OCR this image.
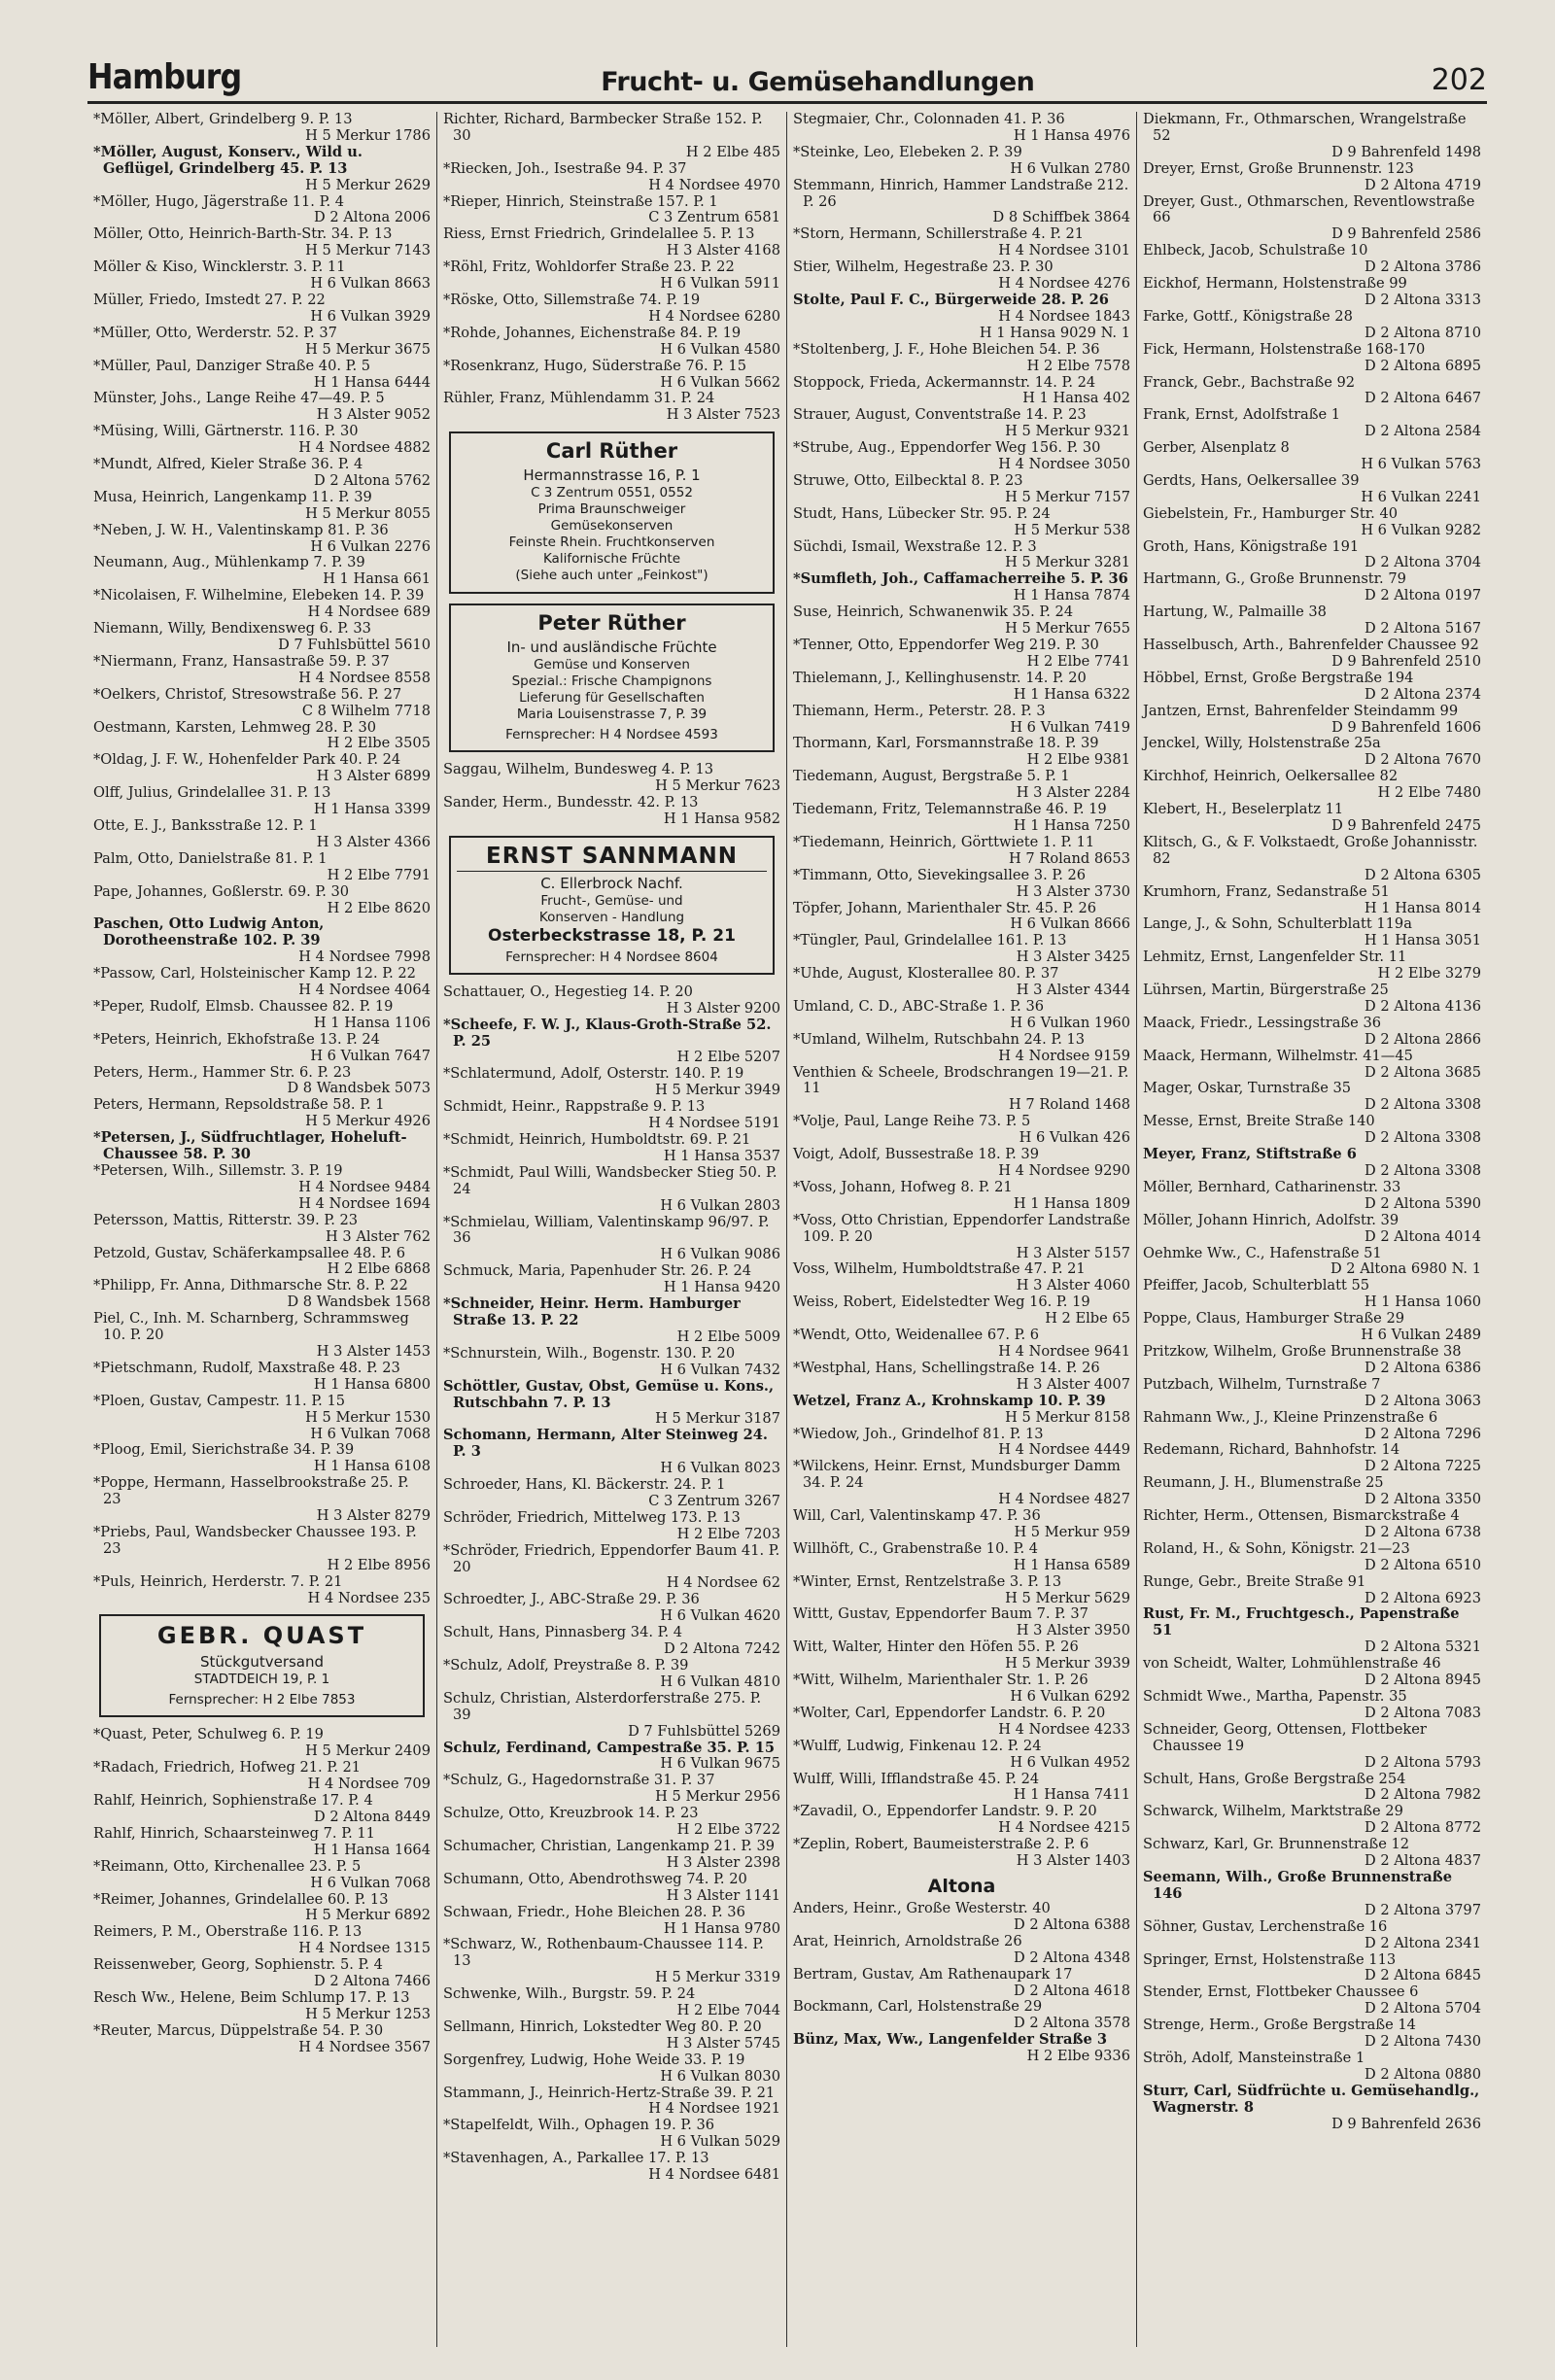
Hamburg	Frucht- u. Gemüsehandlungen	202
*Möller, Albert, Grindelberg 9. P. 13
H 5 Merkur 1786
*Möller, August, Konserv., Wild u. Geflügel, Grindelberg 45. P. 13
H 5 Merkur 2629
*Möller, Hugo, Jägerstraße 11. P. 4
D 2 Altona 2006
Möller, Otto, Heinrich-Barth-Str. 34. P. 13
H 5 Merkur 7143
Möller & Kiso, Wincklerstr. 3. P. 11
H 6 Vulkan 8663
Müller, Friedo, Imstedt 27. P. 22
H 6 Vulkan 3929
*Müller, Otto, Werderstr. 52. P. 37
H 5 Merkur 3675
*Müller, Paul, Danziger Straße 40. P. 5
H 1 Hansa 6444
Münster, Johs., Lange Reihe 47—49. P. 5
H 3 Alster 9052
*Müsing, Willi, Gärtnerstr. 116. P. 30
H 4 Nordsee 4882
*Mundt, Alfred, Kieler Straße 36. P. 4
D 2 Altona 5762
Musa, Heinrich, Langenkamp 11. P. 39
H 5 Merkur 8055
*Neben, J. W. H., Valentinskamp 81. P. 36
H 6 Vulkan 2276
Neumann, Aug., Mühlenkamp 7. P. 39
H 1 Hansa 661
*Nicolaisen, F. Wilhelmine, Elebeken 14. P. 39
H 4 Nordsee 689
Niemann, Willy, Bendixensweg 6. P. 33
D 7 Fuhlsbüttel 5610
*Niermann, Franz, Hansastraße 59. P. 37
H 4 Nordsee 8558
*Oelkers, Christof, Stresowstraße 56. P. 27
C 8 Wilhelm 7718
Oestmann, Karsten, Lehmweg 28. P. 30
H 2 Elbe 3505
*Oldag, J. F. W., Hohenfelder Park 40. P. 24
H 3 Alster 6899
Olff, Julius, Grindelallee 31. P. 13
H 1 Hansa 3399
Otte, E. J., Banksstraße 12. P. 1
H 3 Alster 4366
Palm, Otto, Danielstraße 81. P. 1
H 2 Elbe 7791
Pape, Johannes, Goßlerstr. 69. P. 30
H 2 Elbe 8620
Paschen, Otto Ludwig Anton, Dorotheenstraße 102. P. 39
H 4 Nordsee 7998
*Passow, Carl, Holsteinischer Kamp 12. P. 22
H 4 Nordsee 4064
*Peper, Rudolf, Elmsb. Chaussee 82. P. 19
H 1 Hansa 1106
*Peters, Heinrich, Ekhofstraße 13. P. 24
H 6 Vulkan 7647
Peters, Herm., Hammer Str. 6. P. 23
D 8 Wandsbek 5073
Peters, Hermann, Repsoldstraße 58. P. 1
H 5 Merkur 4926
*Petersen, J., Südfruchtlager, Hoheluft-Chaussee 58. P. 30
*Petersen, Wilh., Sillemstr. 3. P. 19
H 4 Nordsee 9484
H 4 Nordsee 1694
Petersson, Mattis, Ritterstr. 39. P. 23
H 3 Alster 762
Petzold, Gustav, Schäferkampsallee 48. P. 6
H 2 Elbe 6868
*Philipp, Fr. Anna, Dithmarsche Str. 8. P. 22
D 8 Wandsbek 1568
Piel, C., Inh. M. Scharnberg, Schrammsweg 10. P. 20
H 3 Alster 1453
*Pietschmann, Rudolf, Maxstraße 48. P. 23
H 1 Hansa 6800
*Ploen, Gustav, Campestr. 11. P. 15
H 5 Merkur 1530
H 6 Vulkan 7068
*Ploog, Emil, Sierichstraße 34. P. 39
H 1 Hansa 6108
*Poppe, Hermann, Hasselbrookstraße 25. P. 23
H 3 Alster 8279
*Priebs, Paul, Wandsbecker Chaussee 193. P. 23
H 2 Elbe 8956
*Puls, Heinrich, Herderstr. 7. P. 21
H 4 Nordsee 235
GEBR. QUAST
Stückgutversand
STADTDEICH 19, P. 1
Fernsprecher: H 2 Elbe 7853
*Quast, Peter, Schulweg 6. P. 19
H 5 Merkur 2409
*Radach, Friedrich, Hofweg 21. P. 21
H 4 Nordsee 709
Rahlf, Heinrich, Sophienstraße 17. P. 4
D 2 Altona 8449
Rahlf, Hinrich, Schaarsteinweg 7. P. 11
H 1 Hansa 1664
*Reimann, Otto, Kirchenallee 23. P. 5
H 6 Vulkan 7068
*Reimer, Johannes, Grindelallee 60. P. 13
H 5 Merkur 6892
Reimers, P. M., Oberstraße 116. P. 13
H 4 Nordsee 1315
Reissenweber, Georg, Sophienstr. 5. P. 4
D 2 Altona 7466
Resch Ww., Helene, Beim Schlump 17. P. 13
H 5 Merkur 1253
*Reuter, Marcus, Düppelstraße 54. P. 30
H 4 Nordsee 3567
Richter, Richard, Barmbecker Straße 152. P. 30
H 2 Elbe 485
*Riecken, Joh., Isestraße 94. P. 37
H 4 Nordsee 4970
*Rieper, Hinrich, Steinstraße 157. P. 1
C 3 Zentrum 6581
Riess, Ernst Friedrich, Grindelallee 5. P. 13
H 3 Alster 4168
*Röhl, Fritz, Wohldorfer Straße 23. P. 22
H 6 Vulkan 5911
*Röske, Otto, Sillemstraße 74. P. 19
H 4 Nordsee 6280
*Rohde, Johannes, Eichenstraße 84. P. 19
H 6 Vulkan 4580
*Rosenkranz, Hugo, Süderstraße 76. P. 15
H 6 Vulkan 5662
Rühler, Franz, Mühlendamm 31. P. 24
H 3 Alster 7523
Carl Rüther
Hermannstrasse 16, P. 1
C 3 Zentrum 0551, 0552
Prima Braunschweiger
Gemüsekonserven
Feinste Rhein. Fruchtkonserven
Kalifornische Früchte
(Siehe auch unter „Feinkost")
Peter Rüther
In- und ausländische Früchte
Gemüse und Konserven
Spezial.: Frische Champignons
Lieferung für Gesellschaften
Maria Louisenstrasse 7, P. 39
Fernsprecher: H 4 Nordsee 4593
Saggau, Wilhelm, Bundesweg 4. P. 13
H 5 Merkur 7623
Sander, Herm., Bundesstr. 42. P. 13
H 1 Hansa 9582
ERNST SANNMANN
C. Ellerbrock Nachf.
Frucht-, Gemüse- und
Konserven - Handlung
Osterbeckstrasse 18, P. 21
Fernsprecher: H 4 Nordsee 8604
Schattauer, O., Hegestieg 14. P. 20
H 3 Alster 9200
*Scheefe, F. W. J., Klaus-Groth-Straße 52. P. 25
H 2 Elbe 5207
*Schlatermund, Adolf, Osterstr. 140. P. 19
H 5 Merkur 3949
Schmidt, Heinr., Rappstraße 9. P. 13
H 4 Nordsee 5191
*Schmidt, Heinrich, Humboldtstr. 69. P. 21
H 1 Hansa 3537
*Schmidt, Paul Willi, Wandsbecker Stieg 50. P. 24
H 6 Vulkan 2803
*Schmielau, William, Valentinskamp 96/97. P. 36
H 6 Vulkan 9086
Schmuck, Maria, Papenhuder Str. 26. P. 24
H 1 Hansa 9420
*Schneider, Heinr. Herm. Hamburger Straße 13. P. 22
H 2 Elbe 5009
*Schnurstein, Wilh., Bogenstr. 130. P. 20
H 6 Vulkan 7432
Schöttler, Gustav, Obst, Gemüse u. Kons., Rutschbahn 7. P. 13
H 5 Merkur 3187
Schomann, Hermann, Alter Steinweg 24. P. 3
H 6 Vulkan 8023
Schroeder, Hans, Kl. Bäckerstr. 24. P. 1
C 3 Zentrum 3267
Schröder, Friedrich, Mittelweg 173. P. 13
H 2 Elbe 7203
*Schröder, Friedrich, Eppendorfer Baum 41. P. 20
H 4 Nordsee 62
Schroedter, J., ABC-Straße 29. P. 36
H 6 Vulkan 4620
Schult, Hans, Pinnasberg 34. P. 4
D 2 Altona 7242
*Schulz, Adolf, Preystraße 8. P. 39
H 6 Vulkan 4810
Schulz, Christian, Alsterdorferstraße 275. P. 39
D 7 Fuhlsbüttel 5269
Schulz, Ferdinand, Campestraße 35. P. 15
H 6 Vulkan 9675
*Schulz, G., Hagedornstraße 31. P. 37
H 5 Merkur 2956
Schulze, Otto, Kreuzbrook 14. P. 23
H 2 Elbe 3722
Schumacher, Christian, Langenkamp 21. P. 39
H 3 Alster 2398
Schumann, Otto, Abendrothsweg 74. P. 20
H 3 Alster 1141
Schwaan, Friedr., Hohe Bleichen 28. P. 36
H 1 Hansa 9780
*Schwarz, W., Rothenbaum-Chaussee 114. P. 13
H 5 Merkur 3319
Schwenke, Wilh., Burgstr. 59. P. 24
H 2 Elbe 7044
Sellmann, Hinrich, Lokstedter Weg 80. P. 20
H 3 Alster 5745
Sorgenfrey, Ludwig, Hohe Weide 33. P. 19
H 6 Vulkan 8030
Stammann, J., Heinrich-Hertz-Straße 39. P. 21
H 4 Nordsee 1921
*Stapelfeldt, Wilh., Ophagen 19. P. 36
H 6 Vulkan 5029
*Stavenhagen, A., Parkallee 17. P. 13
H 4 Nordsee 6481
Stegmaier, Chr., Colonnaden 41. P. 36
H 1 Hansa 4976
*Steinke, Leo, Elebeken 2. P. 39
H 6 Vulkan 2780
Stemmann, Hinrich, Hammer Landstraße 212. P. 26
D 8 Schiffbek 3864
*Storn, Hermann, Schillerstraße 4. P. 21
H 4 Nordsee 3101
Stier, Wilhelm, Hegestraße 23. P. 30
H 4 Nordsee 4276
Stolte, Paul F. C., Bürgerweide 28. P. 26
H 4 Nordsee 1843
H 1 Hansa 9029 N. 1
*Stoltenberg, J. F., Hohe Bleichen 54. P. 36
H 2 Elbe 7578
Stoppock, Frieda, Ackermannstr. 14. P. 24
H 1 Hansa 402
Strauer, August, Conventstraße 14. P. 23
H 5 Merkur 9321
*Strube, Aug., Eppendorfer Weg 156. P. 30
H 4 Nordsee 3050
Struwe, Otto, Eilbecktal 8. P. 23
H 5 Merkur 7157
Studt, Hans, Lübecker Str. 95. P. 24
H 5 Merkur 538
Süchdi, Ismail, Wexstraße 12. P. 3
H 5 Merkur 3281
*Sumfleth, Joh., Caffamacherreihe 5. P. 36
H 1 Hansa 7874
Suse, Heinrich, Schwanenwik 35. P. 24
H 5 Merkur 7655
*Tenner, Otto, Eppendorfer Weg 219. P. 30
H 2 Elbe 7741
Thielemann, J., Kellinghusenstr. 14. P. 20
H 1 Hansa 6322
Thiemann, Herm., Peterstr. 28. P. 3
H 6 Vulkan 7419
Thormann, Karl, Forsmannstraße 18. P. 39
H 2 Elbe 9381
Tiedemann, August, Bergstraße 5. P. 1
H 3 Alster 2284
Tiedemann, Fritz, Telemannstraße 46. P. 19
H 1 Hansa 7250
*Tiedemann, Heinrich, Görttwiete 1. P. 11
H 7 Roland 8653
*Timmann, Otto, Sievekingsallee 3. P. 26
H 3 Alster 3730
Töpfer, Johann, Marienthaler Str. 45. P. 26
H 6 Vulkan 8666
*Tüngler, Paul, Grindelallee 161. P. 13
H 3 Alster 3425
*Uhde, August, Klosterallee 80. P. 37
H 3 Alster 4344
Umland, C. D., ABC-Straße 1. P. 36
H 6 Vulkan 1960
*Umland, Wilhelm, Rutschbahn 24. P. 13
H 4 Nordsee 9159
Venthien & Scheele, Brodschrangen 19—21. P. 11
H 7 Roland 1468
*Volje, Paul, Lange Reihe 73. P. 5
H 6 Vulkan 426
Voigt, Adolf, Bussestraße 18. P. 39
H 4 Nordsee 9290
*Voss, Johann, Hofweg 8. P. 21
H 1 Hansa 1809
*Voss, Otto Christian, Eppendorfer Landstraße 109. P. 20
H 3 Alster 5157
Voss, Wilhelm, Humboldtstraße 47. P. 21
H 3 Alster 4060
Weiss, Robert, Eidelstedter Weg 16. P. 19
H 2 Elbe 65
*Wendt, Otto, Weidenallee 67. P. 6
H 4 Nordsee 9641
*Westphal, Hans, Schellingstraße 14. P. 26
H 3 Alster 4007
Wetzel, Franz A., Krohnskamp 10. P. 39
H 5 Merkur 8158
*Wiedow, Joh., Grindelhof 81. P. 13
H 4 Nordsee 4449
*Wilckens, Heinr. Ernst, Mundsburger Damm 34. P. 24
H 4 Nordsee 4827
Will, Carl, Valentinskamp 47. P. 36
H 5 Merkur 959
Willhöft, C., Grabenstraße 10. P. 4
H 1 Hansa 6589
*Winter, Ernst, Rentzelstraße 3. P. 13
H 5 Merkur 5629
Wittt, Gustav, Eppendorfer Baum 7. P. 37
H 3 Alster 3950
Witt, Walter, Hinter den Höfen 55. P. 26
H 5 Merkur 3939
*Witt, Wilhelm, Marienthaler Str. 1. P. 26
H 6 Vulkan 6292
*Wolter, Carl, Eppendorfer Landstr. 6. P. 20
H 4 Nordsee 4233
*Wulff, Ludwig, Finkenau 12. P. 24
H 6 Vulkan 4952
Wulff, Willi, Ifflandstraße 45. P. 24
H 1 Hansa 7411
*Zavadil, O., Eppendorfer Landstr. 9. P. 20
H 4 Nordsee 4215
*Zeplin, Robert, Baumeisterstraße 2. P. 6
H 3 Alster 1403
Altona
Anders, Heinr., Große Westerstr. 40
D 2 Altona 6388
Arat, Heinrich, Arnoldstraße 26
D 2 Altona 4348
Bertram, Gustav, Am Rathenaupark 17
D 2 Altona 4618
Bockmann, Carl, Holstenstraße 29
D 2 Altona 3578
Bünz, Max, Ww., Langenfelder Straße 3
H 2 Elbe 9336
Diekmann, Fr., Othmarschen, Wrangelstraße 52
D 9 Bahrenfeld 1498
Dreyer, Ernst, Große Brunnenstr. 123
D 2 Altona 4719
Dreyer, Gust., Othmarschen, Reventlowstraße 66
D 9 Bahrenfeld 2586
Ehlbeck, Jacob, Schulstraße 10
D 2 Altona 3786
Eickhof, Hermann, Holstenstraße 99
D 2 Altona 3313
Farke, Gottf., Königstraße 28
D 2 Altona 8710
Fick, Hermann, Holstenstraße 168-170
D 2 Altona 6895
Franck, Gebr., Bachstraße 92
D 2 Altona 6467
Frank, Ernst, Adolfstraße 1
D 2 Altona 2584
Gerber, Alsenplatz 8
H 6 Vulkan 5763
Gerdts, Hans, Oelkersallee 39
H 6 Vulkan 2241
Giebelstein, Fr., Hamburger Str. 40
H 6 Vulkan 9282
Groth, Hans, Königstraße 191
D 2 Altona 3704
Hartmann, G., Große Brunnenstr. 79
D 2 Altona 0197
Hartung, W., Palmaille 38
D 2 Altona 5167
Hasselbusch, Arth., Bahrenfelder Chaussee 92
D 9 Bahrenfeld 2510
Höbbel, Ernst, Große Bergstraße 194
D 2 Altona 2374
Jantzen, Ernst, Bahrenfelder Steindamm 99
D 9 Bahrenfeld 1606
Jenckel, Willy, Holstenstraße 25a
D 2 Altona 7670
Kirchhof, Heinrich, Oelkersallee 82
H 2 Elbe 7480
Klebert, H., Beselerplatz 11
D 9 Bahrenfeld 2475
Klitsch, G., & F. Volkstaedt, Große Johannisstr. 82
D 2 Altona 6305
Krumhorn, Franz, Sedanstraße 51
H 1 Hansa 8014
Lange, J., & Sohn, Schulterblatt 119a
H 1 Hansa 3051
Lehmitz, Ernst, Langenfelder Str. 11
H 2 Elbe 3279
Lührsen, Martin, Bürgerstraße 25
D 2 Altona 4136
Maack, Friedr., Lessingstraße 36
D 2 Altona 2866
Maack, Hermann, Wilhelmstr. 41—45
D 2 Altona 3685
Mager, Oskar, Turnstraße 35
D 2 Altona 3308
Messe, Ernst, Breite Straße 140
D 2 Altona 3308
Meyer, Franz, Stiftstraße 6
D 2 Altona 3308
Möller, Bernhard, Catharinenstr. 33
D 2 Altona 5390
Möller, Johann Hinrich, Adolfstr. 39
D 2 Altona 4014
Oehmke Ww., C., Hafenstraße 51
D 2 Altona 6980 N. 1
Pfeiffer, Jacob, Schulterblatt 55
H 1 Hansa 1060
Poppe, Claus, Hamburger Straße 29
H 6 Vulkan 2489
Pritzkow, Wilhelm, Große Brunnenstraße 38
D 2 Altona 6386
Putzbach, Wilhelm, Turnstraße 7
D 2 Altona 3063
Rahmann Ww., J., Kleine Prinzenstraße 6
D 2 Altona 7296
Redemann, Richard, Bahnhofstr. 14
D 2 Altona 7225
Reumann, J. H., Blumenstraße 25
D 2 Altona 3350
Richter, Herm., Ottensen, Bismarckstraße 4
D 2 Altona 6738
Roland, H., & Sohn, Königstr. 21—23
D 2 Altona 6510
Runge, Gebr., Breite Straße 91
D 2 Altona 6923
Rust, Fr. M., Fruchtgesch., Papenstraße 51
D 2 Altona 5321
von Scheidt, Walter, Lohmühlenstraße 46
D 2 Altona 8945
Schmidt Wwe., Martha, Papenstr. 35
D 2 Altona 7083
Schneider, Georg, Ottensen, Flottbeker Chaussee 19
D 2 Altona 5793
Schult, Hans, Große Bergstraße 254
D 2 Altona 7982
Schwarck, Wilhelm, Marktstraße 29
D 2 Altona 8772
Schwarz, Karl, Gr. Brunnenstraße 12
D 2 Altona 4837
Seemann, Wilh., Große Brunnenstraße 146
D 2 Altona 3797
Söhner, Gustav, Lerchenstraße 16
D 2 Altona 2341
Springer, Ernst, Holstenstraße 113
D 2 Altona 6845
Stender, Ernst, Flottbeker Chaussee 6
D 2 Altona 5704
Strenge, Herm., Große Bergstraße 14
D 2 Altona 7430
Ströh, Adolf, Mansteinstraße 1
D 2 Altona 0880
Sturr, Carl, Südfrüchte u. Gemüsehandlg., Wagnerstr. 8
D 9 Bahrenfeld 2636
